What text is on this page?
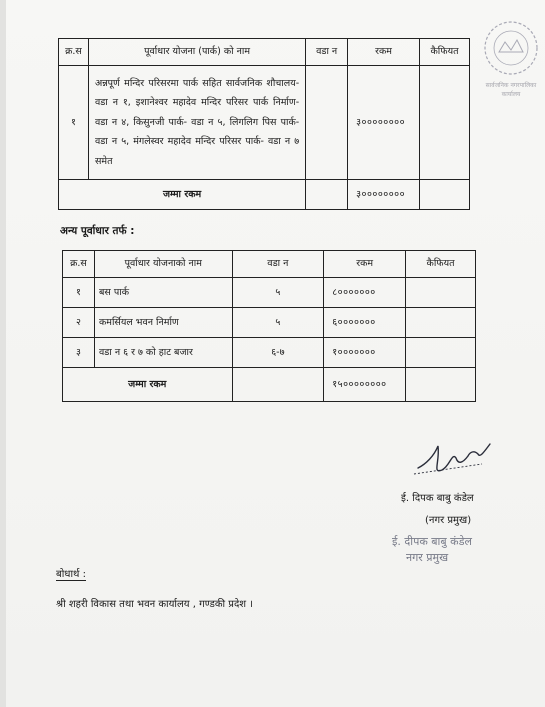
सार्वजनिक नगरपालिका कार्यालय
क्र.स	पूर्वाधार योजना (पार्क) को नाम	वडा न	रकम	कैफियत
१	अन्नपूर्ण मन्दिर परिसरमा पार्क सहित सार्वजनिक शौचालय-वडा न १, इशानेश्वर महादेव मन्दिर परिसर पार्क निर्माण- वडा न ४, किसुनजी पार्क- वडा न ५, लिगलिग पिस पार्क- वडा न ५, मंगलेस्वर महादेव मन्दिर परिसर पार्क- वडा न ७ समेत		३००००००००	
जम्मा रकम			३००००००००	
अन्य पूर्वाधार तर्फ :
क्र.स	पूर्वाधार योजनाको नाम	वडा न	रकम	कैफियत
१	बस पार्क	५	८०००००००	
२	कमर्सियल भवन निर्माण	५	६०००००००	
३	वडा न ६ र ७ को हाट बजार	६-७	१०००००००	
जम्मा रकम			१५००००००००	
ई. दिपक बाबु कंडेल
(नगर प्रमुख)
ई. दीपक बाबु कंडेल
नगर प्रमुख
बोधार्थ :
श्री शहरी विकास तथा भवन कार्यालय , गण्डकी प्रदेश ।
